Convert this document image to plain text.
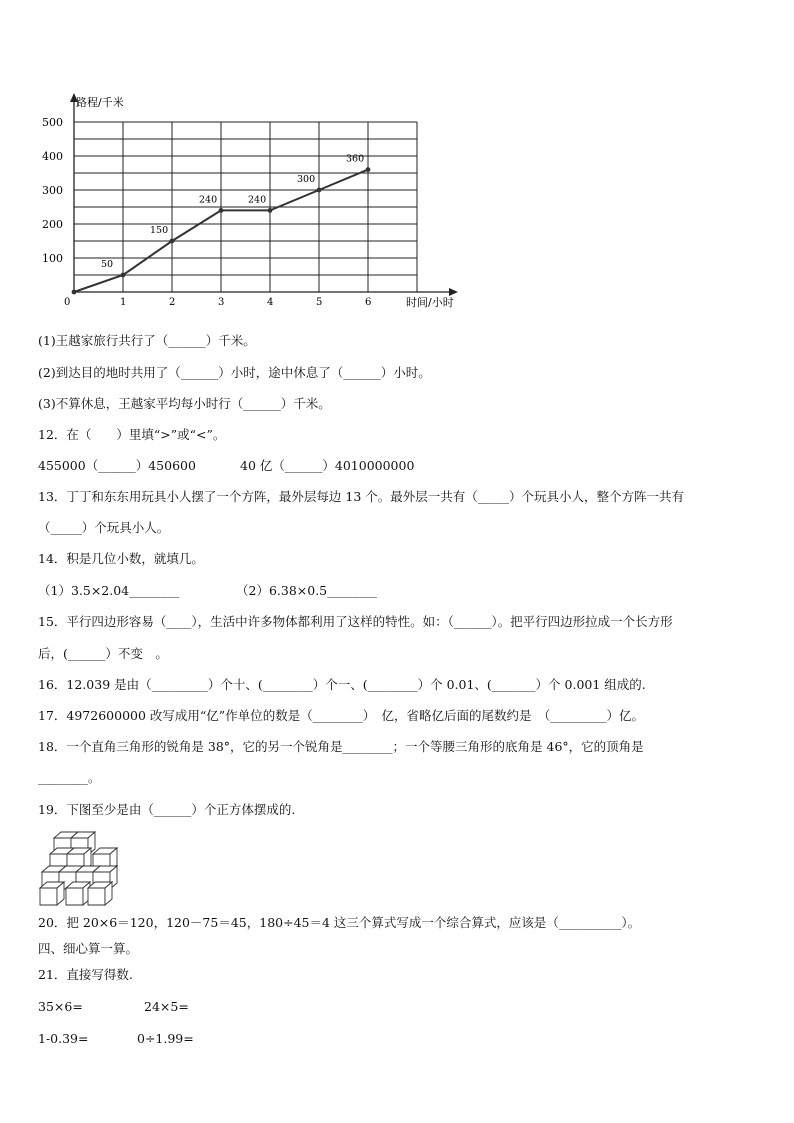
0	1	2	3	4	5	6
100
200
300
400
500
50
150
240	240
300
360
路程/千米
时间/小时
(1)王越家旅行共行了（______）千米。
(2)到达目的地时共用了（______）小时，途中休息了（______）小时。
(3)不算休息，王越家平均每小时行（______）千米。
12．在（　　）里填“>”或“<”。
455000（______）450600	40 亿（______）4010000000
13．丁丁和东东用玩具小人摆了一个方阵，最外层每边 13 个。最外层一共有（_____）个玩具小人，整个方阵一共有
（_____）个玩具小人。
14．积是几位小数，就填几。
（1）3.5×2.04________	（2）6.38×0.5________
15．平行四边形容易（____），生活中许多物体都利用了这样的特性。如：（______）。把平行四边形拉成一个长方形
后，(______）不变　。
16．12.039 是由（_________）个十、(________）个一、(________）个 0.01、(_______）个 0.001 组成的.
17．4972600000 改写成用“亿”作单位的数是（________）　亿，省略亿后面的尾数约是　（_________）亿。
18．一个直角三角形的锐角是 38°，它的另一个锐角是________；一个等腰三角形的底角是 46°，它的顶角是
________。
19．下图至少是由（______）个正方体摆成的.
20．把 20×6＝120，120－75＝45，180÷45＝4 这三个算式写成一个综合算式，应该是（__________）。
四、细心算一算。
21．直接写得数.
35×6=	24×5=
1-0.39=	0÷1.99=
